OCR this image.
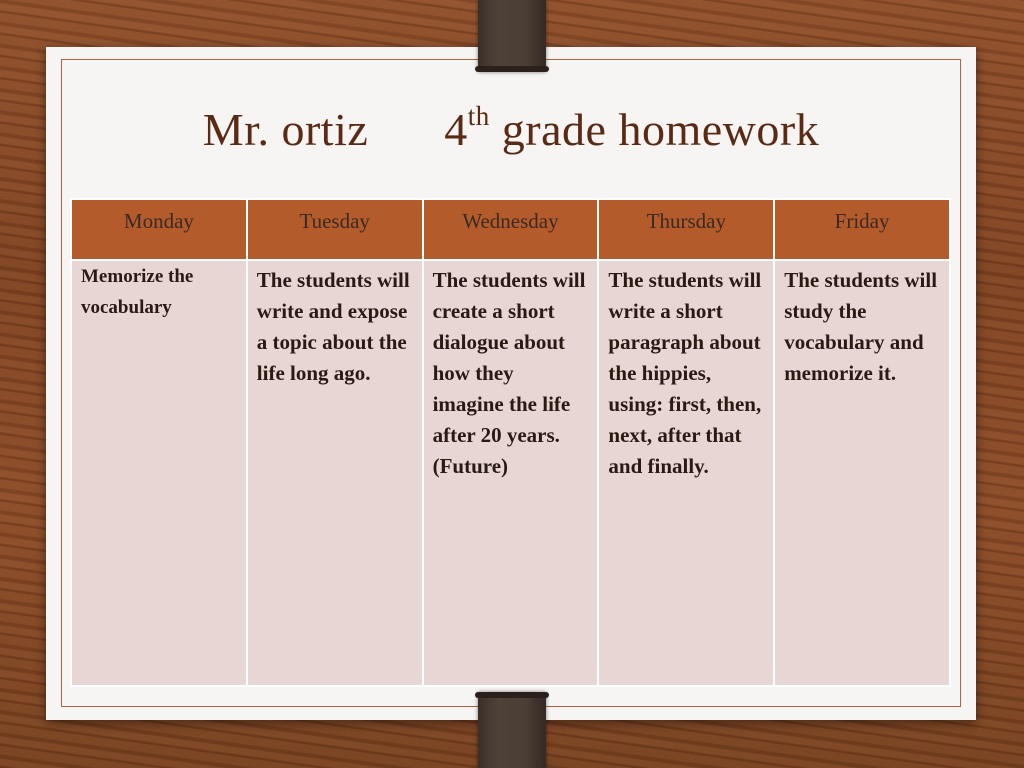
Mr. ortiz 4th grade homework
Monday	Tuesday	Wednesday	Thursday	Friday
Memorize the vocabulary	The students will write and expose a topic about the life long ago.	The students will create a short dialogue about how they imagine the life after 20 years. (Future)	The students will write a short paragraph about the hippies, using: first, then, next, after that and finally.	The students will study the vocabulary and memorize it.
